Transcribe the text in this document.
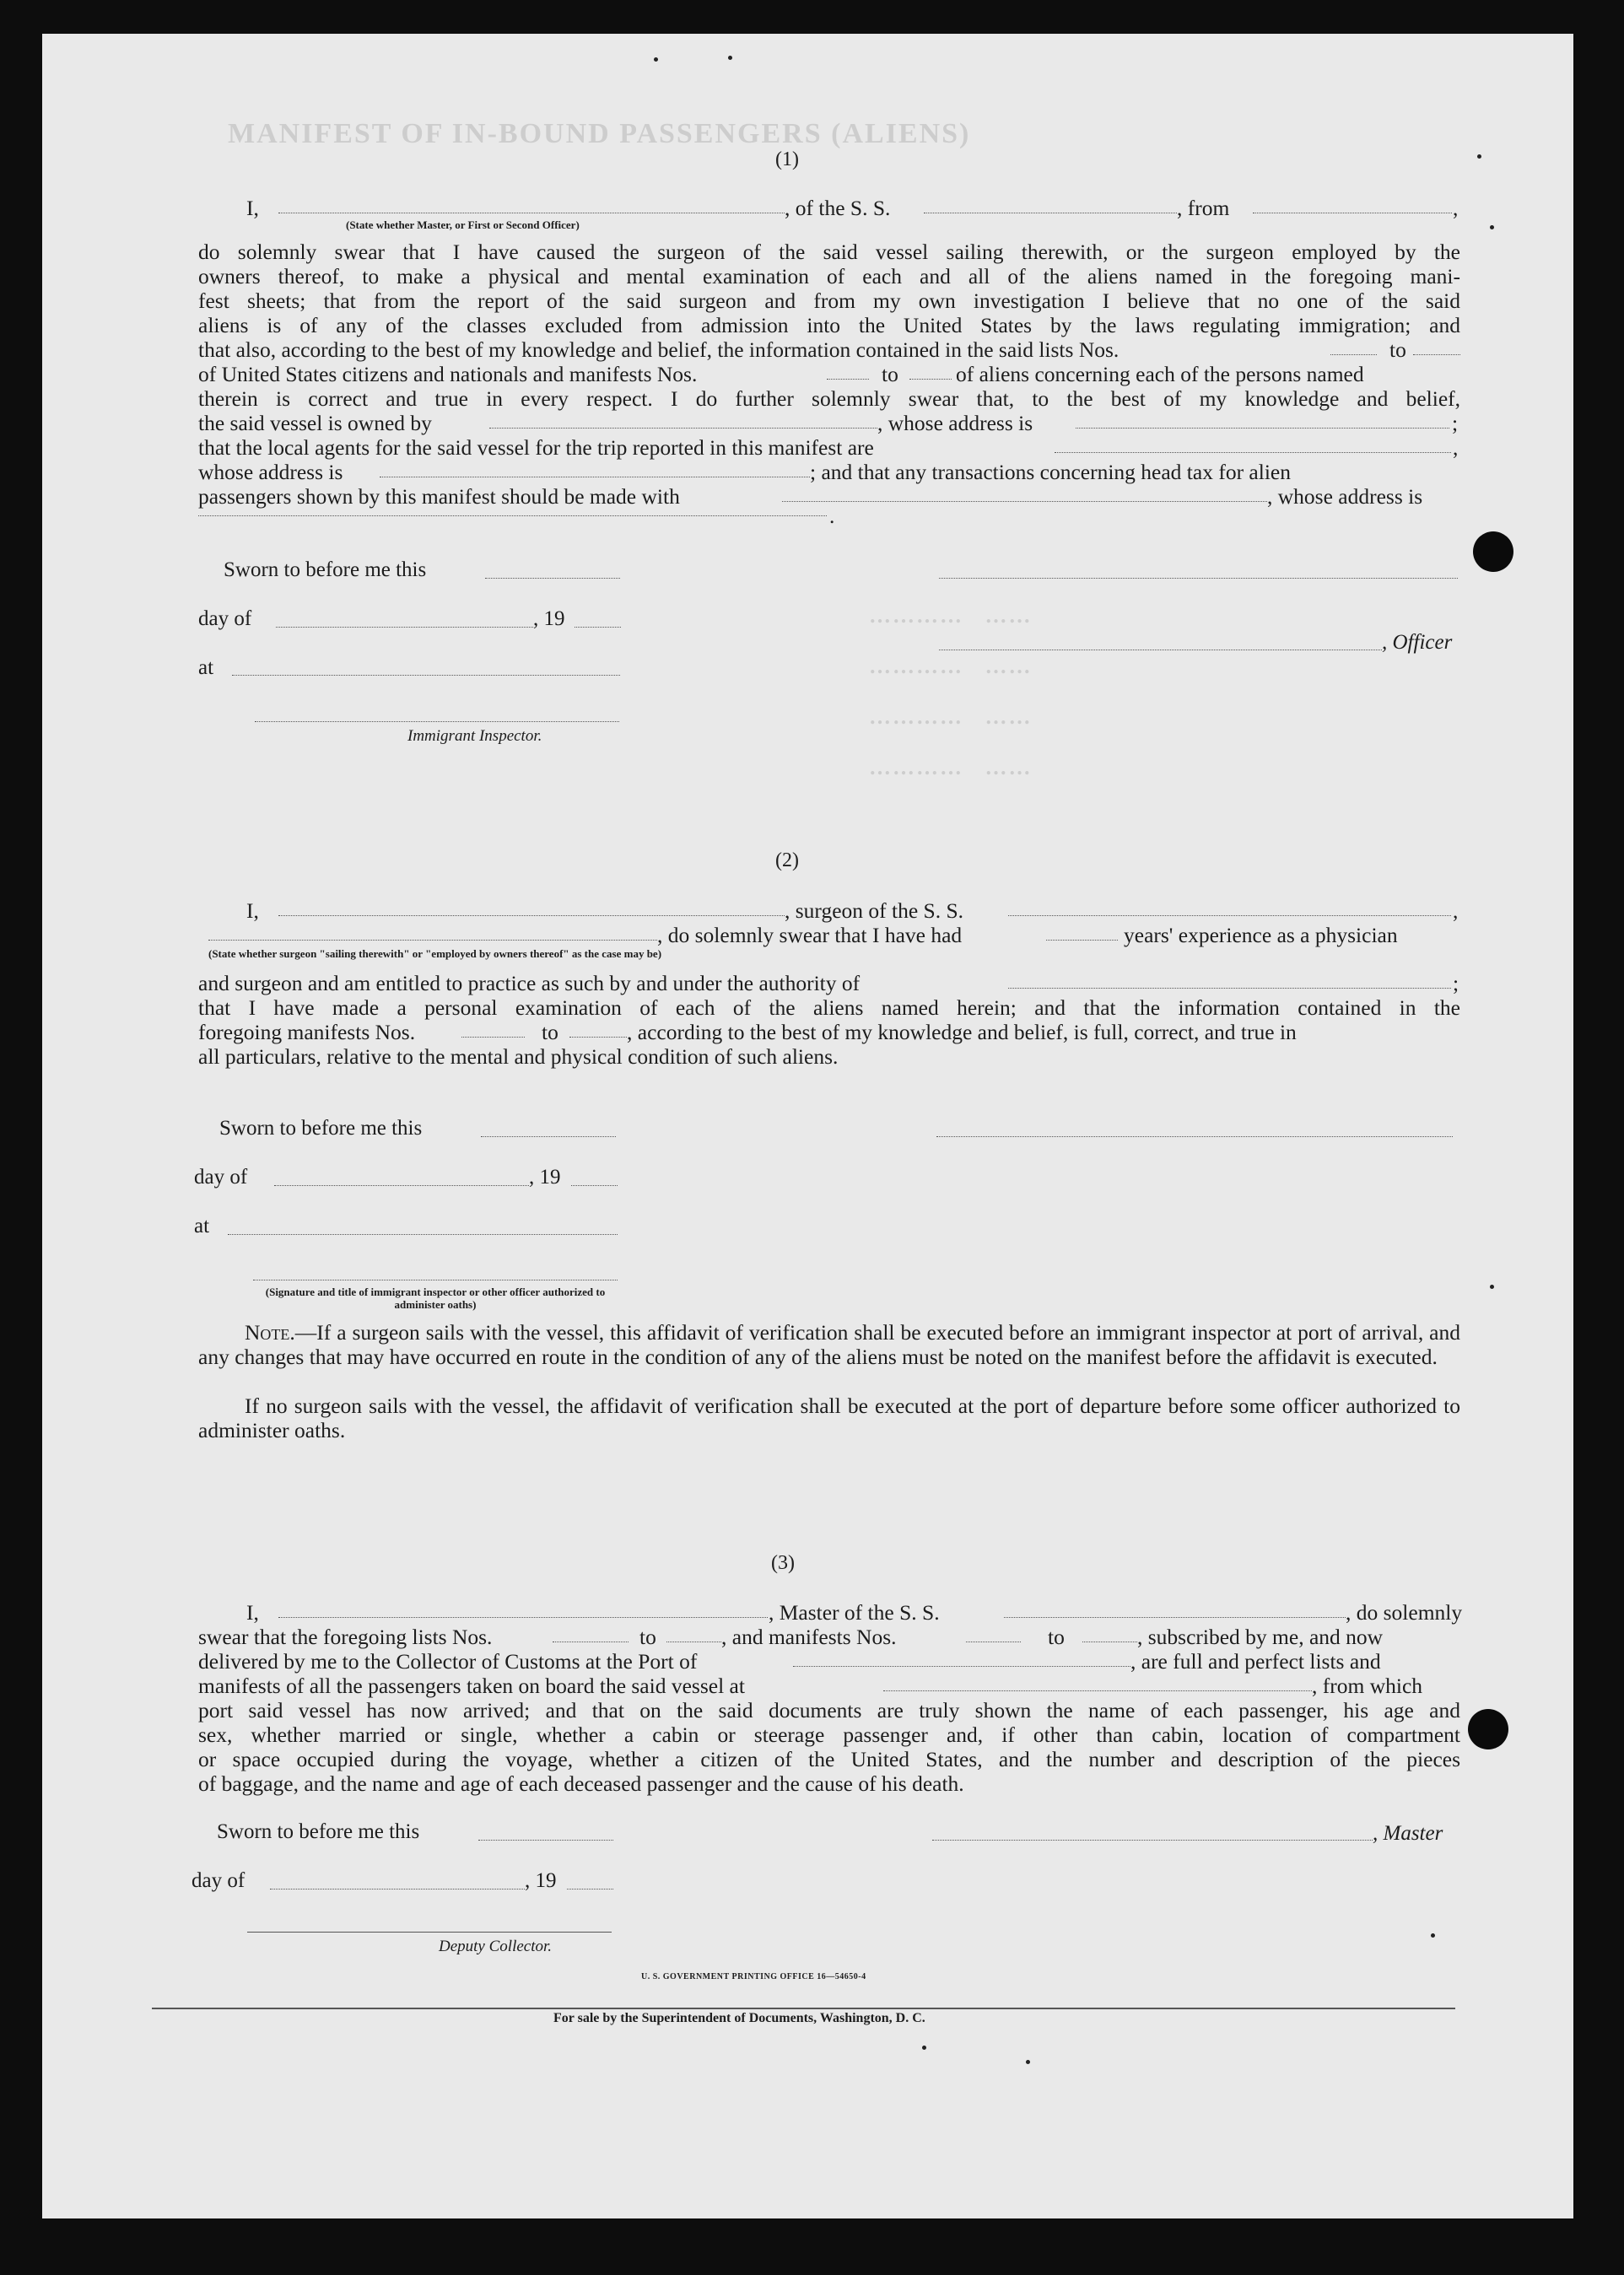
MANIFEST OF IN-BOUND PASSENGERS (ALIENS)
…………   ……
…………   ……
…………   ……
…………   ……
(1)
I,	, of the S. S.	, from	,
(State whether Master, or First or Second Officer)
do solemnly swear that I have caused the surgeon of the said vessel sailing therewith, or the surgeon employed by the
owners thereof, to make a physical and mental examination of each and all of the aliens named in the foregoing mani-
fest sheets; that from the report of the said surgeon and from my own investigation I believe that no one of the said
aliens is of any of the classes excluded from admission into the United States by the laws regulating immigration; and
that also, according to the best of my knowledge and belief, the information contained in the said lists Nos.	to
of United States citizens and nationals and manifests Nos.	to	of aliens concerning each of the persons named
therein is correct and true in every respect. I do further solemnly swear that, to the best of my knowledge and belief,
the said vessel is owned by	, whose address is	;
that the local agents for the said vessel for the trip reported in this manifest are	,
whose address is	; and that any transactions concerning head tax for alien
passengers shown by this manifest should be made with	, whose address is
.
Sworn to before me this
day of	, 19
, Officer
at
Immigrant Inspector.
(2)
I,	, surgeon of the S. S.	,
, do solemnly swear that I have had	years' experience as a physician
(State whether surgeon "sailing therewith" or "employed by owners thereof" as the case may be)
and surgeon and am entitled to practice as such by and under the authority of	;
that I have made a personal examination of each of the aliens named herein; and that the information contained in the
foregoing manifests Nos.	to	, according to the best of my knowledge and belief, is full, correct, and true in
all particulars, relative to the mental and physical condition of such aliens.
Sworn to before me this
day of	, 19
at
(Signature and title of immigrant inspector or other officer authorized to administer oaths)
Note.—If a surgeon sails with the vessel, this affidavit of verification shall be executed before an immigrant inspector at port of arrival, and any changes that may have occurred en route in the condition of any of the aliens must be noted on the manifest before the affidavit is executed.
If no surgeon sails with the vessel, the affidavit of verification shall be executed at the port of departure before some officer authorized to administer oaths.
(3)
I,	, Master of the S. S.	, do solemnly
swear that the foregoing lists Nos.	to	, and manifests Nos.	to	, subscribed by me, and now
delivered by me to the Collector of Customs at the Port of	, are full and perfect lists and
manifests of all the passengers taken on board the said vessel at	, from which
port said vessel has now arrived; and that on the said documents are truly shown the name of each passenger, his age and
sex, whether married or single, whether a cabin or steerage passenger and, if other than cabin, location of compartment
or space occupied during the voyage, whether a citizen of the United States, and the number and description of the pieces
of baggage, and the name and age of each deceased passenger and the cause of his death.
Sworn to before me this	, Master
day of	, 19
Deputy Collector.
U. S. GOVERNMENT PRINTING OFFICE 16—54650-4
For sale by the Superintendent of Documents, Washington, D. C.
